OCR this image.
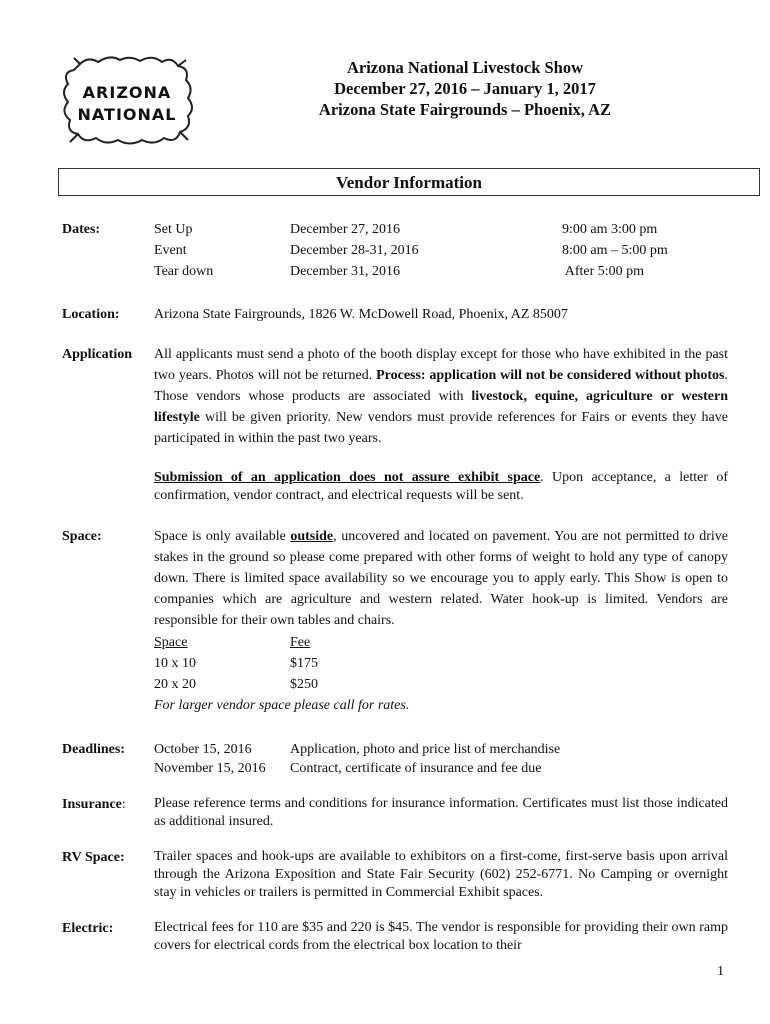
ARIZONA
NATIONAL
Arizona National Livestock Show
December 27, 2016 – January 1, 2017
Arizona State Fairgrounds – Phoenix, AZ
Vendor Information
Dates:	Set Up	December 27, 2016	9:00 am 3:00 pm
Event	December 28-31, 2016	8:00 am – 5:00 pm
Tear down	December 31, 2016	After 5:00 pm
Location: Arizona State Fairgrounds, 1826 W. McDowell Road, Phoenix, AZ 85007
Application All applicants must send a photo of the booth display except for those who have exhibited in the past two years. Photos will not be returned. Process: application will not be considered without photos. Those vendors whose products are associated with livestock, equine, agriculture or western lifestyle will be given priority. New vendors must provide references for Fairs or events they have participated in within the past two years.
Submission of an application does not assure exhibit space. Upon acceptance, a letter of confirmation, vendor contract, and electrical requests will be sent.
Space:	Space is only available outside, uncovered and located on pavement. You are not permitted to drive stakes in the ground so please come prepared with other forms of weight to hold any type of canopy down. There is limited space availability so we encourage you to apply early. This Show is open to companies which are agriculture and western related. Water hook-up is limited. Vendors are responsible for their own tables and chairs.
Space	Fee
10 x 10	$175
20 x 20	$250
For larger vendor space please call for rates.
Deadlines: October 15, 2016	Application, photo and price list of merchandise
November 15, 2016 Contract, certificate of insurance and fee due
Insurance: Please reference terms and conditions for insurance information. Certificates must list those indicated as additional insured.
RV Space: Trailer spaces and hook-ups are available to exhibitors on a first-come, first-serve basis upon arrival through the Arizona Exposition and State Fair Security (602) 252-6771. No Camping or overnight stay in vehicles or trailers is permitted in Commercial Exhibit spaces.
Electric:	Electrical fees for 110 are $35 and 220 is $45. The vendor is responsible for providing their own ramp covers for electrical cords from the electrical box location to their
1
